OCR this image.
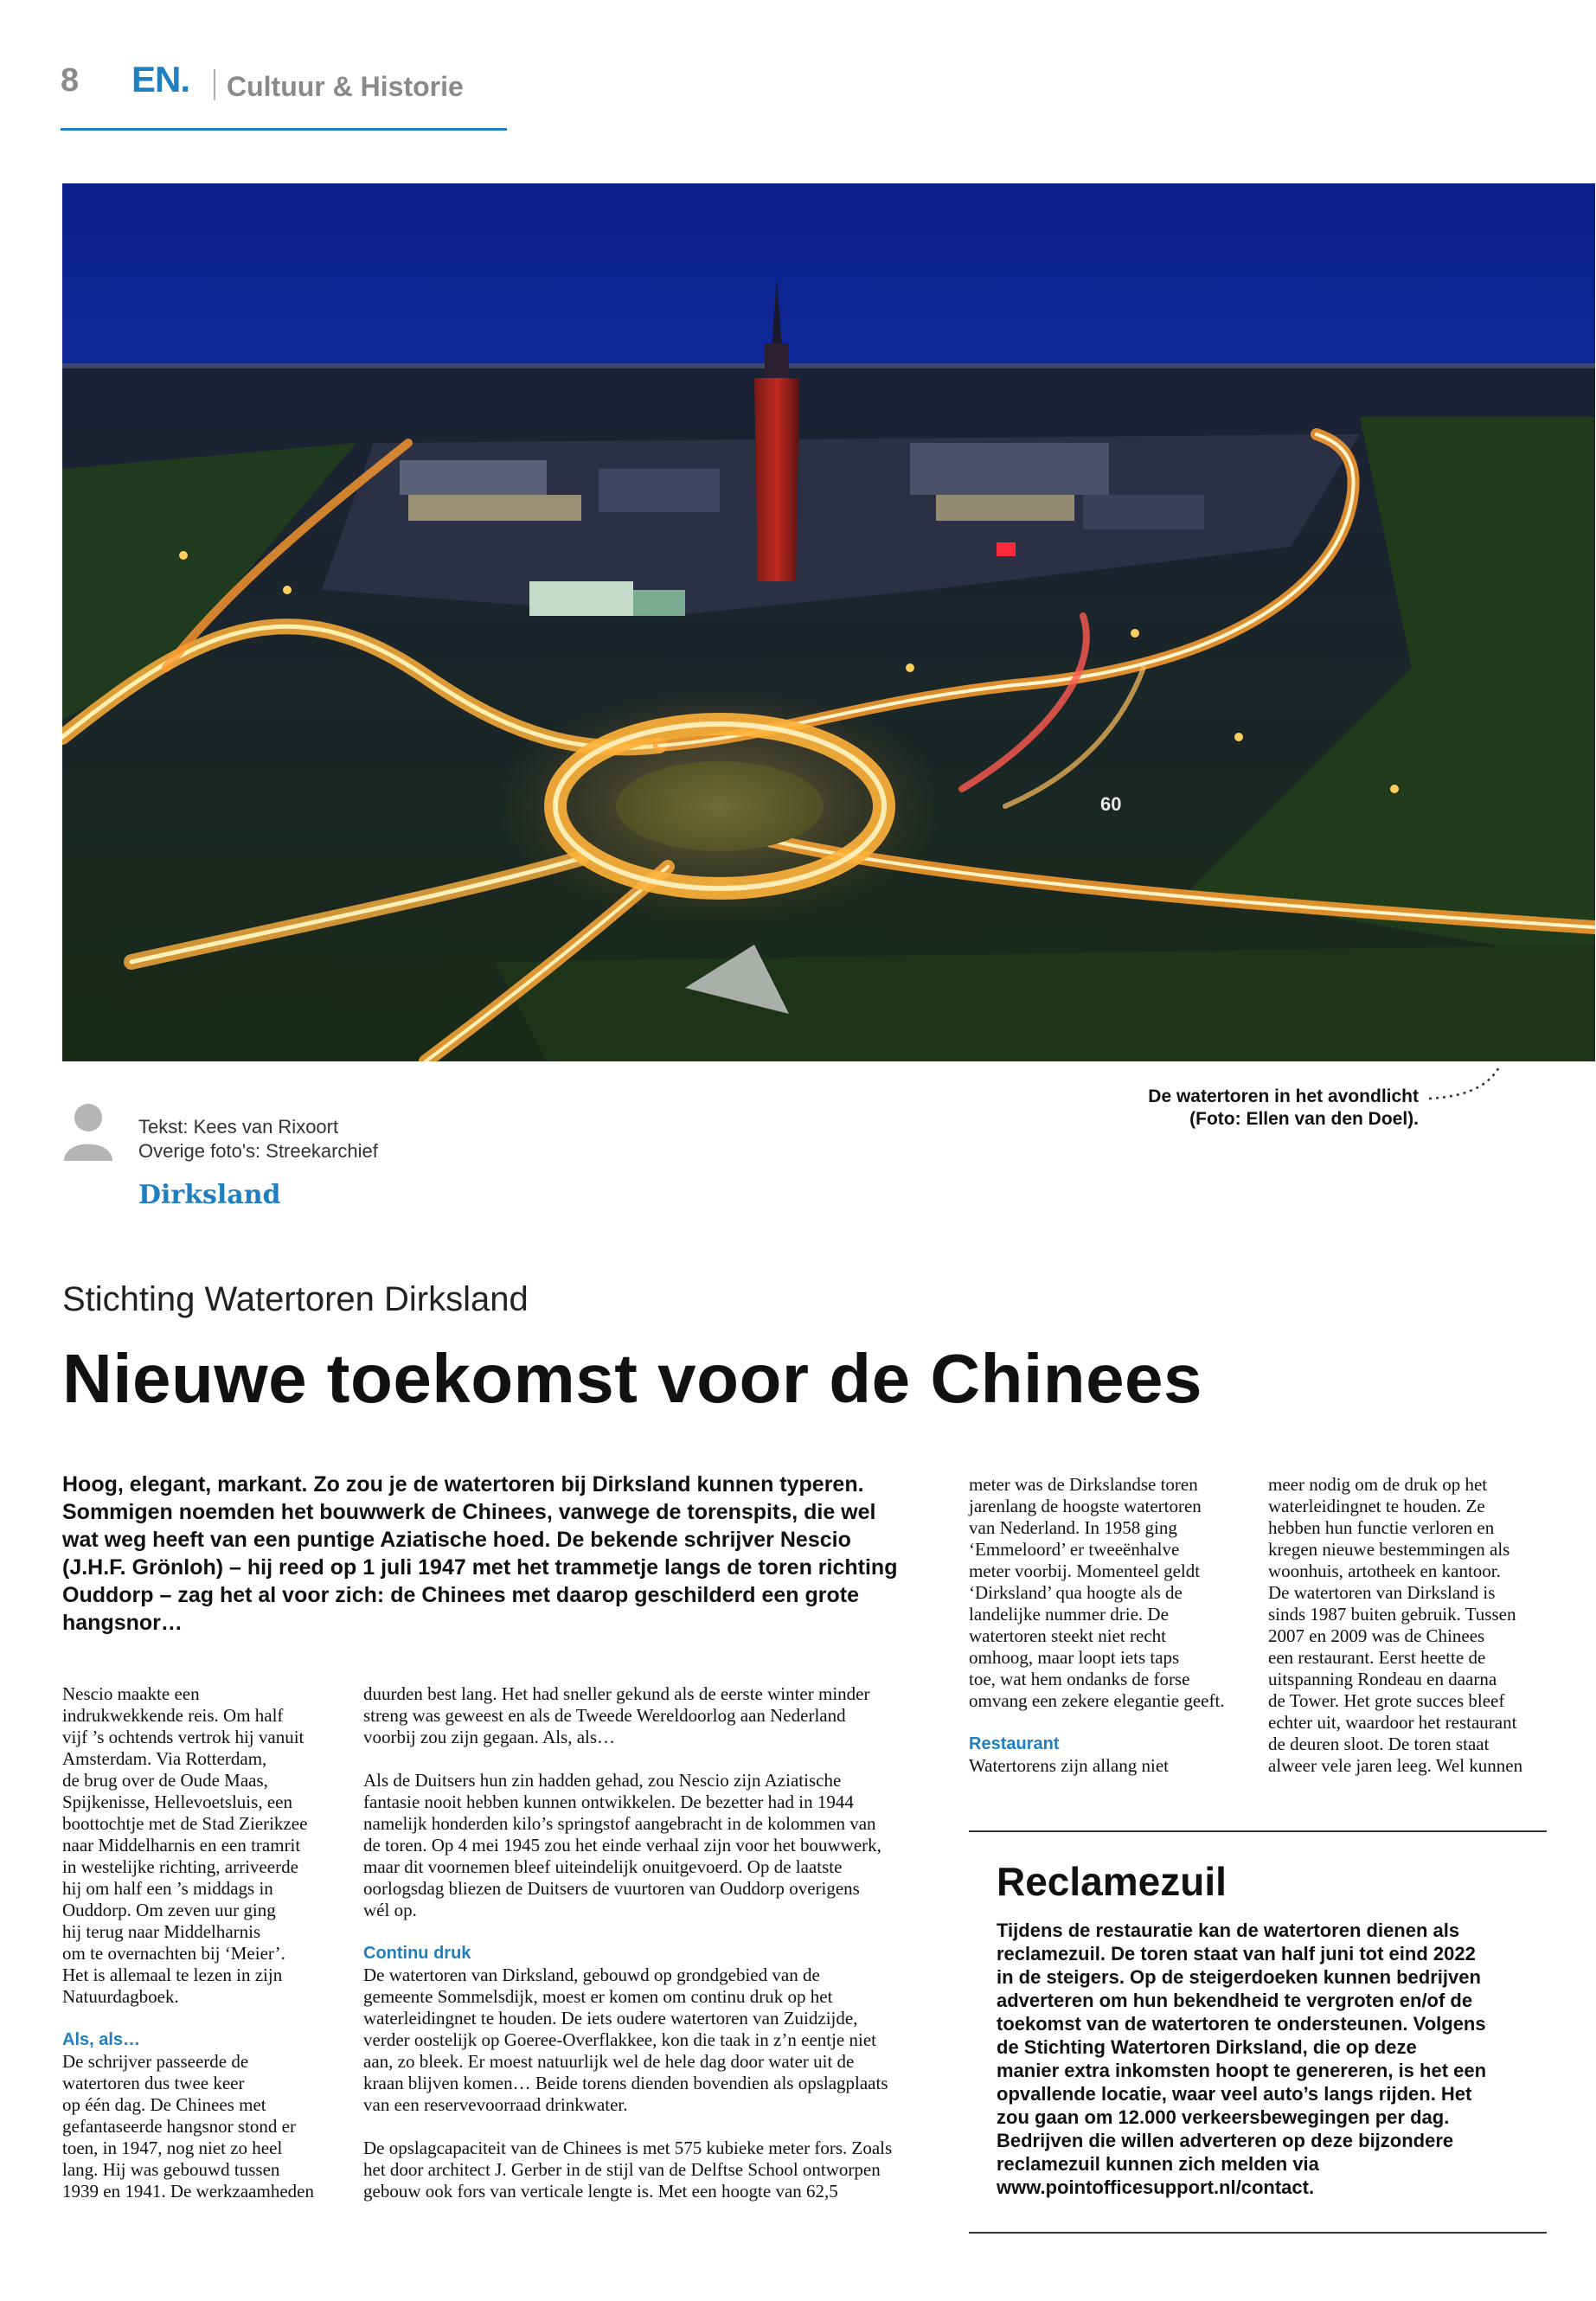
8 EN. Cultuur & Historie
60
Tekst: Kees van Rixoort
Overige foto's: Streekarchief
Dirksland
De watertoren in het avondlicht
(Foto: Ellen van den Doel).
Stichting Watertoren Dirksland
Nieuwe toekomst voor de Chinees
Hoog, elegant, markant. Zo zou je de watertoren bij Dirksland kunnen typeren.
Sommigen noemden het bouwwerk de Chinees, vanwege de torenspits, die wel
wat weg heeft van een puntige Aziatische hoed. De bekende schrijver Nescio
(J.H.F. Grönloh) – hij reed op 1 juli 1947 met het trammetje langs de toren richting
Ouddorp – zag het al voor zich: de Chinees met daarop geschilderd een grote
hangsnor…
Nescio maakte een
indrukwekkende reis. Om half
vijf ’s ochtends vertrok hij vanuit
Amsterdam. Via Rotterdam,
de brug over de Oude Maas,
Spijkenisse, Hellevoetsluis, een
boottochtje met de Stad Zierikzee
naar Middelharnis en een tramrit
in westelijke richting, arriveerde
hij om half een ’s middags in
Ouddorp. Om zeven uur ging
hij terug naar Middelharnis
om te overnachten bij ‘Meier’.
Het is allemaal te lezen in zijn
Natuurdagboek.
Als, als…
De schrijver passeerde de
watertoren dus twee keer
op één dag. De Chinees met
gefantaseerde hangsnor stond er
toen, in 1947, nog niet zo heel
lang. Hij was gebouwd tussen
1939 en 1941. De werkzaamheden
duurden best lang. Het had sneller gekund als de eerste winter minder
streng was geweest en als de Tweede Wereldoorlog aan Nederland
voorbij zou zijn gegaan. Als, als…
Als de Duitsers hun zin hadden gehad, zou Nescio zijn Aziatische
fantasie nooit hebben kunnen ontwikkelen. De bezetter had in 1944
namelijk honderden kilo’s springstof aangebracht in de kolommen van
de toren. Op 4 mei 1945 zou het einde verhaal zijn voor het bouwwerk,
maar dit voornemen bleef uiteindelijk onuitgevoerd. Op de laatste
oorlogsdag bliezen de Duitsers de vuurtoren van Ouddorp overigens
wél op.
Continu druk
De watertoren van Dirksland, gebouwd op grondgebied van de
gemeente Sommelsdijk, moest er komen om continu druk op het
waterleidingnet te houden. De iets oudere watertoren van Zuidzijde,
verder oostelijk op Goeree-Overflakkee, kon die taak in z’n eentje niet
aan, zo bleek. Er moest natuurlijk wel de hele dag door water uit de
kraan blijven komen… Beide torens dienden bovendien als opslagplaats
van een reservevoorraad drinkwater.
De opslagcapaciteit van de Chinees is met 575 kubieke meter fors. Zoals
het door architect J. Gerber in de stijl van de Delftse School ontworpen
gebouw ook fors van verticale lengte is. Met een hoogte van 62,5
meter was de Dirkslandse toren
jarenlang de hoogste watertoren
van Nederland. In 1958 ging
‘Emmeloord’ er tweeënhalve
meter voorbij. Momenteel geldt
‘Dirksland’ qua hoogte als de
landelijke nummer drie. De
watertoren steekt niet recht
omhoog, maar loopt iets taps
toe, wat hem ondanks de forse
omvang een zekere elegantie geeft.
Restaurant
Watertorens zijn allang niet
meer nodig om de druk op het
waterleidingnet te houden. Ze
hebben hun functie verloren en
kregen nieuwe bestemmingen als
woonhuis, artotheek en kantoor.
De watertoren van Dirksland is
sinds 1987 buiten gebruik. Tussen
2007 en 2009 was de Chinees
een restaurant. Eerst heette de
uitspanning Rondeau en daarna
de Tower. Het grote succes bleef
echter uit, waardoor het restaurant
de deuren sloot. De toren staat
alweer vele jaren leeg. Wel kunnen
Reclamezuil
Tijdens de restauratie kan de watertoren dienen als
reclamezuil. De toren staat van half juni tot eind 2022
in de steigers. Op de steigerdoeken kunnen bedrijven
adverteren om hun bekendheid te vergroten en/of de
toekomst van de watertoren te ondersteunen. Volgens
de Stichting Watertoren Dirksland, die op deze
manier extra inkomsten hoopt te genereren, is het een
opvallende locatie, waar veel auto’s langs rijden. Het
zou gaan om 12.000 verkeersbewegingen per dag.
Bedrijven die willen adverteren op deze bijzondere
reclamezuil kunnen zich melden via
www.pointofficesupport.nl/contact.
